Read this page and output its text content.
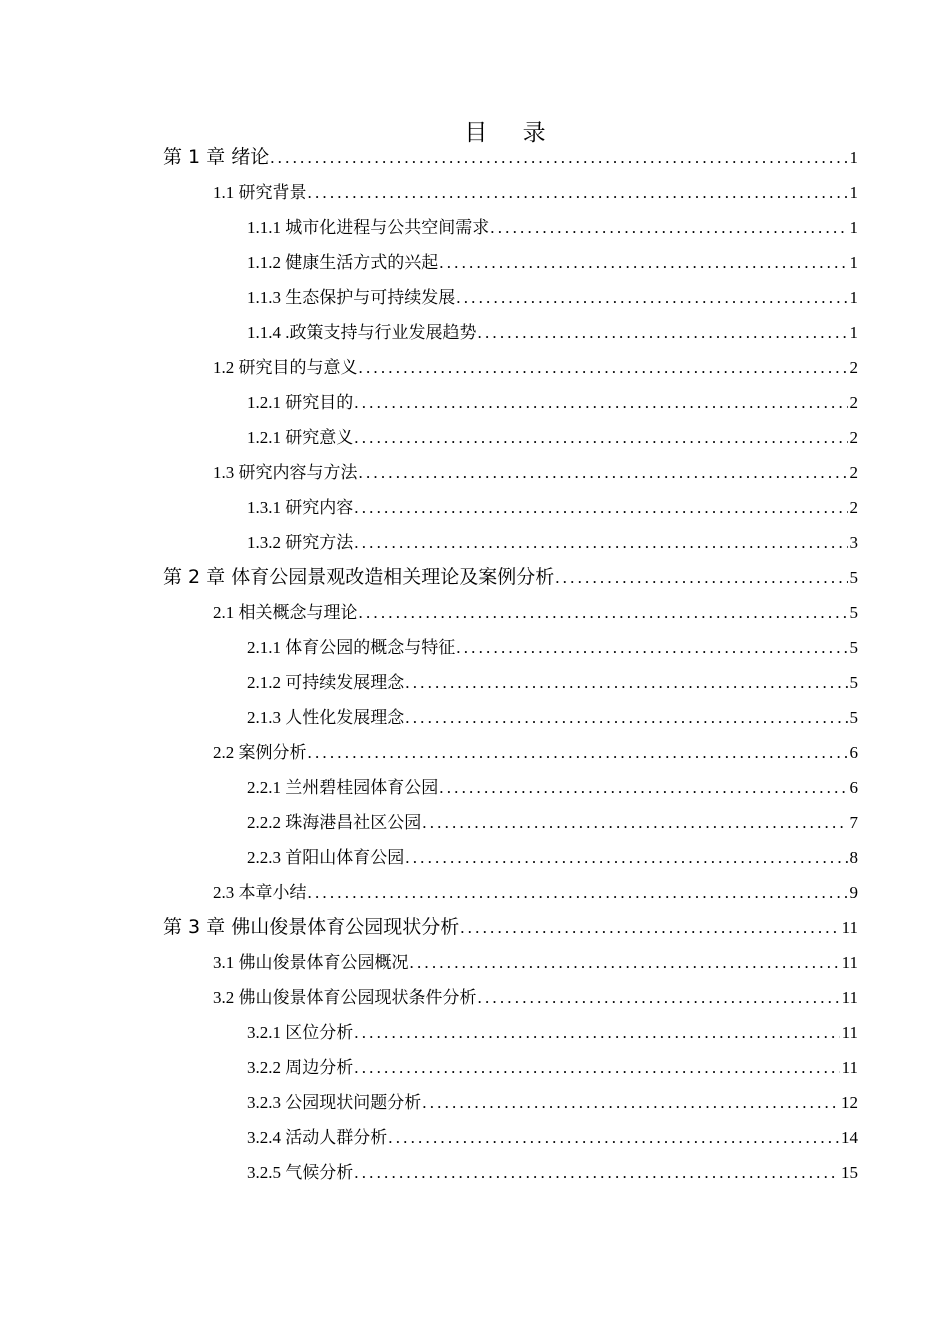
目 录
第 1 章 绪论 .....	1
1.1 研究背景 .....	1
1.1.1 城市化进程与公共空间需求 .....	1
1.1.2 健康生活方式的兴起 .....	1
1.1.3 生态保护与可持续发展 .....	1
1.1.4 .政策支持与行业发展趋势 .....	1
1.2 研究目的与意义 .....	2
1.2.1 研究目的 .....	2
1.2.1 研究意义 .....	2
1.3 研究内容与方法 .....	2
1.3.1 研究内容 .....	2
1.3.2 研究方法 .....	3
第 2 章 体育公园景观改造相关理论及案例分析 .....	5
2.1 相关概念与理论 .....	5
2.1.1 体育公园的概念与特征 .....	5
2.1.2 可持续发展理念 .....	5
2.1.3 人性化发展理念 .....	5
2.2 案例分析 .....	6
2.2.1 兰州碧桂园体育公园 .....	6
2.2.2 珠海港昌社区公园 .....	7
2.2.3 首阳山体育公园 .....	8
2.3 本章小结 .....	9
第 3 章 佛山俊景体育公园现状分析 .....	11
3.1 佛山俊景体育公园概况 .....	11
3.2 佛山俊景体育公园现状条件分析 .....	11
3.2.1 区位分析 .....	11
3.2.2 周边分析 .....	11
3.2.3 公园现状问题分析 .....	12
3.2.4 活动人群分析 .....	14
3.2.5 气候分析 .....	15
